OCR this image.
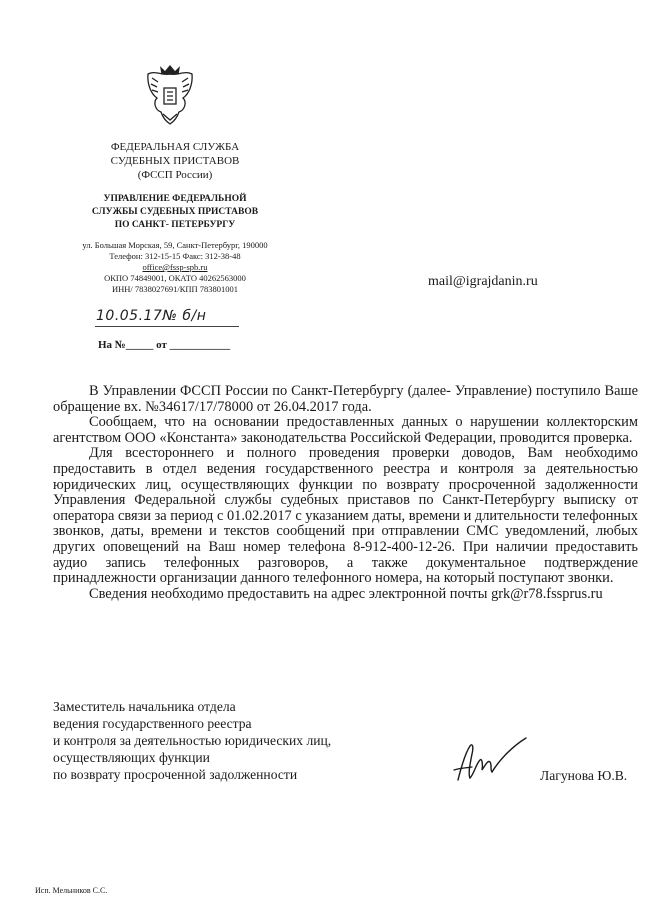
ФЕДЕРАЛЬНАЯ СЛУЖБА
СУДЕБНЫХ ПРИСТАВОВ
(ФССП России)
УПРАВЛЕНИЕ ФЕДЕРАЛЬНОЙ
СЛУЖБЫ СУДЕБНЫХ ПРИСТАВОВ
ПО САНКТ- ПЕТЕРБУРГУ
ул. Большая Морская, 59, Санкт-Петербург, 190000
Телефон: 312-15-15 Факс: 312-38-48
office@fssp-spb.ru
ОКПО 74849001, ОКАТО 40262563000
ИНН/ 7838027691/КПП 783801001	mail@igrajdanin.ru
10.05.17№ б/н
На №_____ от ___________

В Управлении ФССП России по Санкт-Петербургу (далее- Управление) поступило Ваше обращение вх. №34617/17/78000 от 26.04.2017 года.

Сообщаем, что на основании предоставленных данных о нарушении коллекторским агентством ООО «Константа» законодательства Российской Федерации, проводится проверка.

Для всестороннего и полного проведения проверки доводов, Вам необходимо предоставить в отдел ведения государственного реестра и контроля за деятельностью юридических лиц, осуществляющих функции по возврату просроченной задолженности Управления Федеральной службы судебных приставов по Санкт-Петербургу выписку от оператора связи за период с 01.02.2017 с указанием даты, времени и длительности телефонных звонков, даты, времени и текстов сообщений при отправлении СМС уведомлений, любых других оповещений на Ваш номер телефона 8-912-400-12-26. При наличии предоставить аудио запись телефонных разговоров, а также документальное подтверждение принадлежности организации данного телефонного номера, на который поступают звонки.

Сведения необходимо предоставить на адрес электронной почты grk@r78.fssprus.ru

Заместитель начальника отдела
ведения государственного реестра
и контроля за деятельностью юридических лиц,
осуществляющих функции
по возврату просроченной задолженности	Лагунова Ю.В.
Исп. Мельников С.С.
